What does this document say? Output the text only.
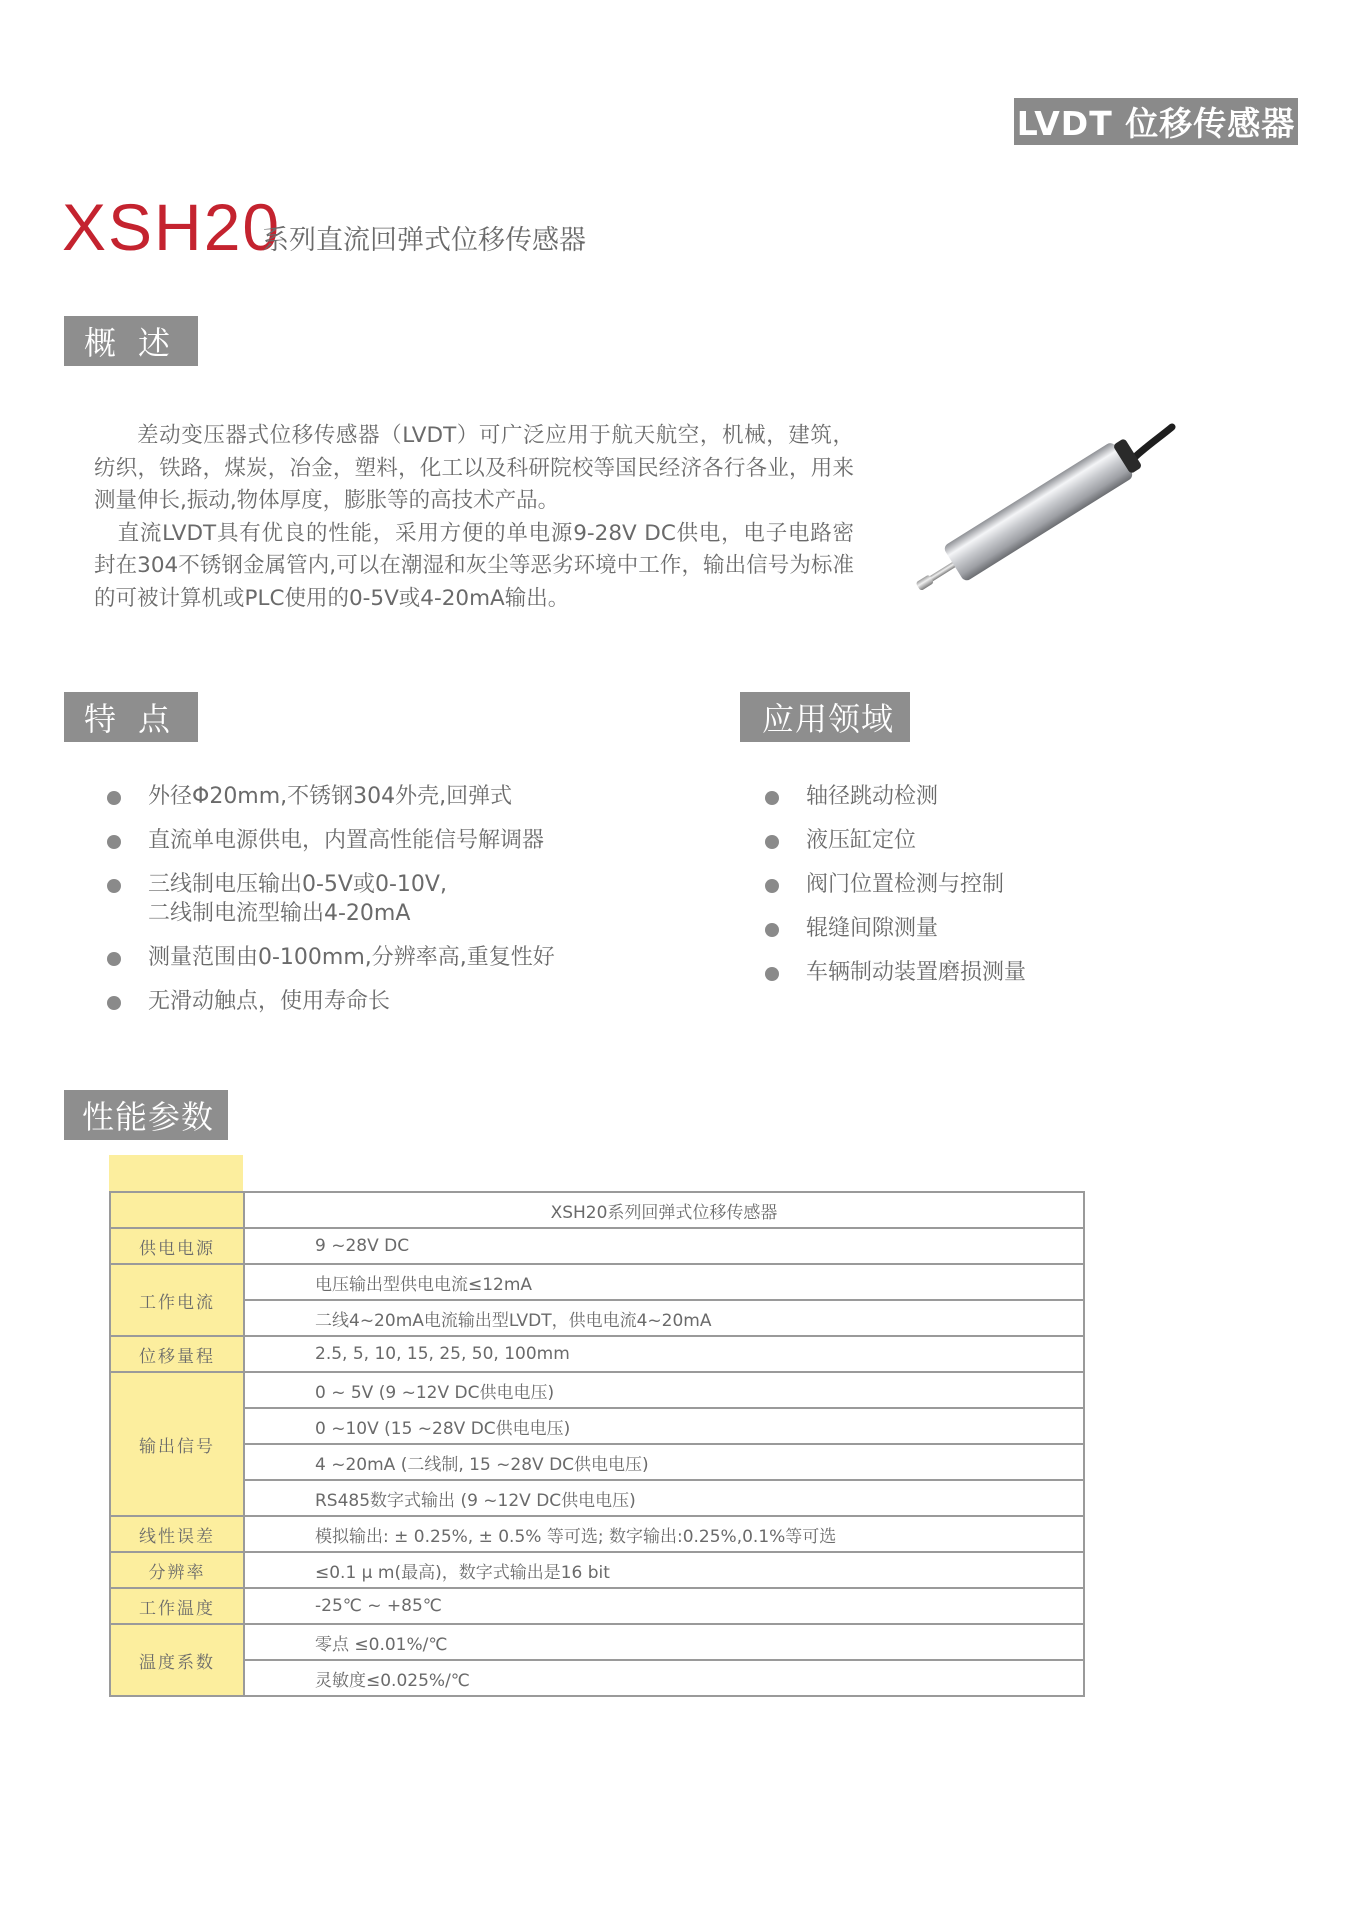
LVDT 位移传感器
XSH20
系列直流回弹式位移传感器
概述

差动变压器式位移传感器（LVDT）可广泛应用于航天航空，机械，建筑，纺织，铁路，煤炭，冶金，塑料，化工以及科研院校等国民经济各行各业，用来测量伸长,振动,物体厚度，膨胀等的高技术产品。

直流LVDT具有优良的性能，采用方便的单电源9-28V DC供电，电子电路密封在304不锈钢金属管内,可以在潮湿和灰尘等恶劣环境中工作，输出信号为标准的可被计算机或PLC使用的0-5V或4-20mA输出。

特点	应用领域
外径Φ20mm,不锈钢304外壳,回弹式
直流单电源供电，内置高性能信号解调器
三线制电压输出0-5V或0-10V,
二线制电流型输出4-20mA
测量范围由0-100mm,分辨率高,重复性好
无滑动触点，使用寿命长
轴径跳动检测
液压缸定位
阀门位置检测与控制
辊缝间隙测量
车辆制动装置磨损测量
性能参数
	XSH20系列回弹式位移传感器
供电电源	9 ~28V DC
工作电流	电压输出型供电电流≤12mA
	二线4~20mA电流输出型LVDT，供电电流4~20mA
位移量程	2.5, 5, 10, 15, 25, 50, 100mm
输出信号	0 ~ 5V (9 ~12V DC供电电压)
	0 ~10V (15 ~28V DC供电电压)
	4 ~20mA (二线制, 15 ~28V DC供电电压)
	RS485数字式输出 (9 ~12V DC供电电压)
线性误差	模拟输出: ± 0.25%, ± 0.5% 等可选; 数字输出:0.25%,0.1%等可选
分辨率	≤0.1 μ m(最高)，数字式输出是16 bit
工作温度	-25℃ ~ +85℃
温度系数	零点 ≤0.01%/℃
	灵敏度≤0.025%/℃
